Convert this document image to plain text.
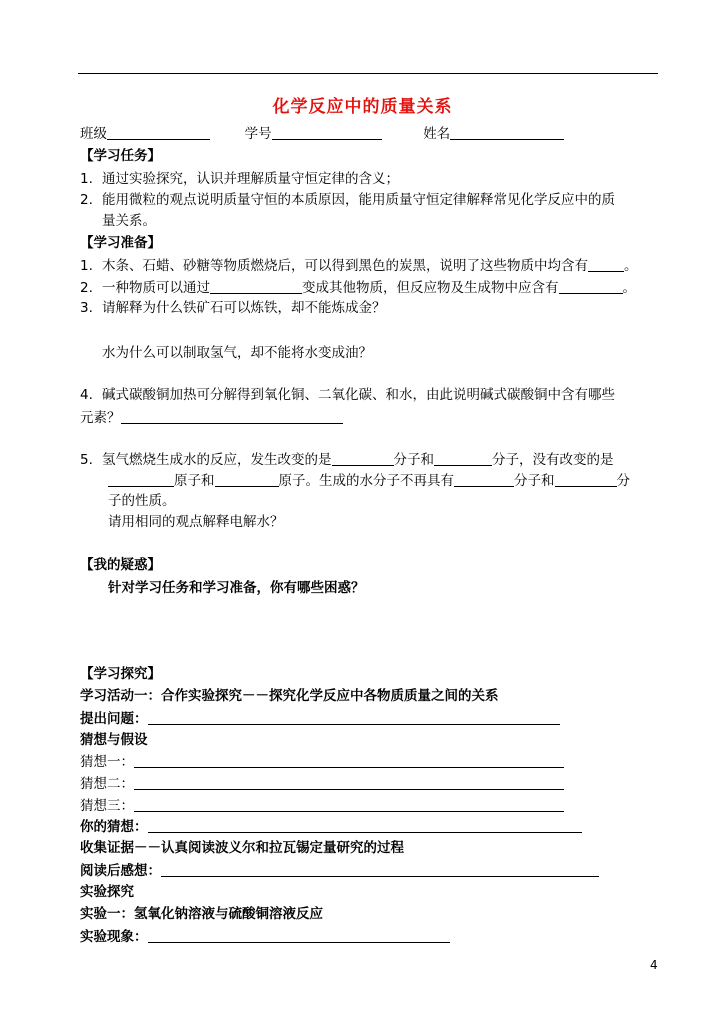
化学反应中的质量关系
班级	学号	姓名
【学习任务】
1. 通过实验探究，认识并理解质量守恒定律的含义；
2. 能用微粒的观点说明质量守恒的本质原因，能用质量守恒定律解释常见化学反应中的质
量关系。
【学习准备】
1. 木条、石蜡、砂糖等物质燃烧后，可以得到黑色的炭黑，说明了这些物质中均含有	。
2. 一种物质可以通过	变成其他物质，但反应物及生成物中应含有	。
3. 请解释为什么铁矿石可以炼铁，却不能炼成金？
水为什么可以制取氢气，却不能将水变成油？
4. 碱式碳酸铜加热可分解得到氧化铜、二氧化碳、和水，由此说明碱式碳酸铜中含有哪些
元素？
5. 氢气燃烧生成水的反应，发生改变的是	分子和	分子，没有改变的是
原子和	原子。生成的水分子不再具有	分子和	分
子的性质。
请用相同的观点解释电解水？
【我的疑惑】
针对学习任务和学习准备，你有哪些困惑？
【学习探究】
学习活动一：合作实验探究－－探究化学反应中各物质质量之间的关系
提出问题：
猜想与假设
猜想一：
猜想二：
猜想三：
你的猜想：
收集证据－－认真阅读波义尔和拉瓦锡定量研究的过程
阅读后感想：
实验探究
实验一：氢氧化钠溶液与硫酸铜溶液反应
实验现象：
4
